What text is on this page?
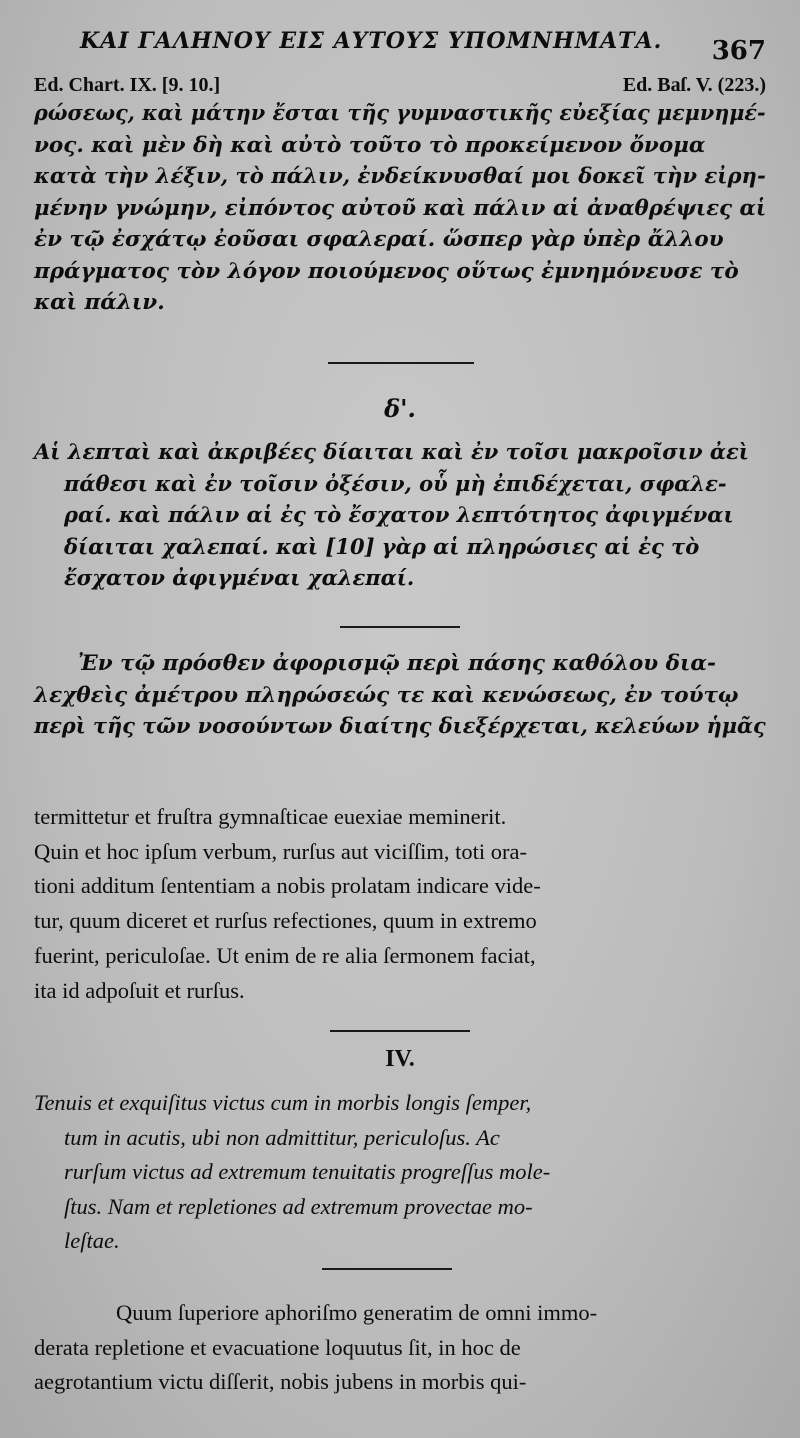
ΚΑΙ ΓΑΛΗΝΟΥ ΕΙΣ ΑΥΤΟΥΣ ΥΠΟΜΝΗΜΑΤΑ. 367
Ed. Chart. IX. [9. 10.]	Ed. Baſ. V. (223.)
ρώσεως, καὶ μάτην ἔσται τῆς γυμναστικῆς εὐεξίας μεμνημέ-
νος. καὶ μὲν δὴ καὶ αὐτὸ τοῦτο τὸ προκείμενον ὄνομα
κατὰ τὴν λέξιν, τὸ πάλιν, ἐνδείκνυσθαί μοι δοκεῖ τὴν εἰρη-
μένην γνώμην, εἰπόντος αὐτοῦ καὶ πάλιν αἱ ἀναθρέψιες αἱ
ἐν τῷ ἐσχάτῳ ἐοῦσαι σφαλεραί. ὥσπερ γὰρ ὑπὲρ ἄλλου
πράγματος τὸν λόγον ποιούμενος οὕτως ἐμνημόνευσε τὸ
καὶ πάλιν.
δ'.
Αἱ λεπταὶ καὶ ἀκριβέες δίαιται καὶ ἐν τοῖσι μακροῖσιν ἀεὶ
πάθεσι καὶ ἐν τοῖσιν ὀξέσιν, οὗ μὴ ἐπιδέχεται, σφαλε-
ραί. καὶ πάλιν αἱ ἐς τὸ ἔσχατον λεπτότητος ἀφιγμέναι
δίαιται χαλεπαί. καὶ [10] γὰρ αἱ πληρώσιες αἱ ἐς τὸ
ἔσχατον ἀφιγμέναι χαλεπαί.
Ἐν τῷ πρόσθεν ἀφορισμῷ περὶ πάσης καθόλου δια-
λεχθεὶς ἀμέτρου πληρώσεώς τε καὶ κενώσεως, ἐν τούτῳ
περὶ τῆς τῶν νοσούντων διαίτης διεξέρχεται, κελεύων ἡμᾶς
termittetur et fruſtra gymnaſticae euexiae meminerit.
Quin et hoc ipſum verbum, rurſus aut viciſſim, toti ora-
tioni additum ſententiam a nobis prolatam indicare vide-
tur, quum diceret et rurſus refectiones, quum in extremo
fuerint, periculoſae. Ut enim de re alia ſermonem faciat,
ita id adpoſuit et rurſus.
IV.
Tenuis et exquiſitus victus cum in morbis longis ſemper,
tum in acutis, ubi non admittitur, periculoſus. Ac
rurſum victus ad extremum tenuitatis progreſſus mole-
ſtus. Nam et repletiones ad extremum provectae mo-
leſtae.
Quum ſuperiore aphoriſmo generatim de omni immo-
derata repletione et evacuatione loquutus ſit, in hoc de
aegrotantium victu diſſerit, nobis jubens in morbis qui-
